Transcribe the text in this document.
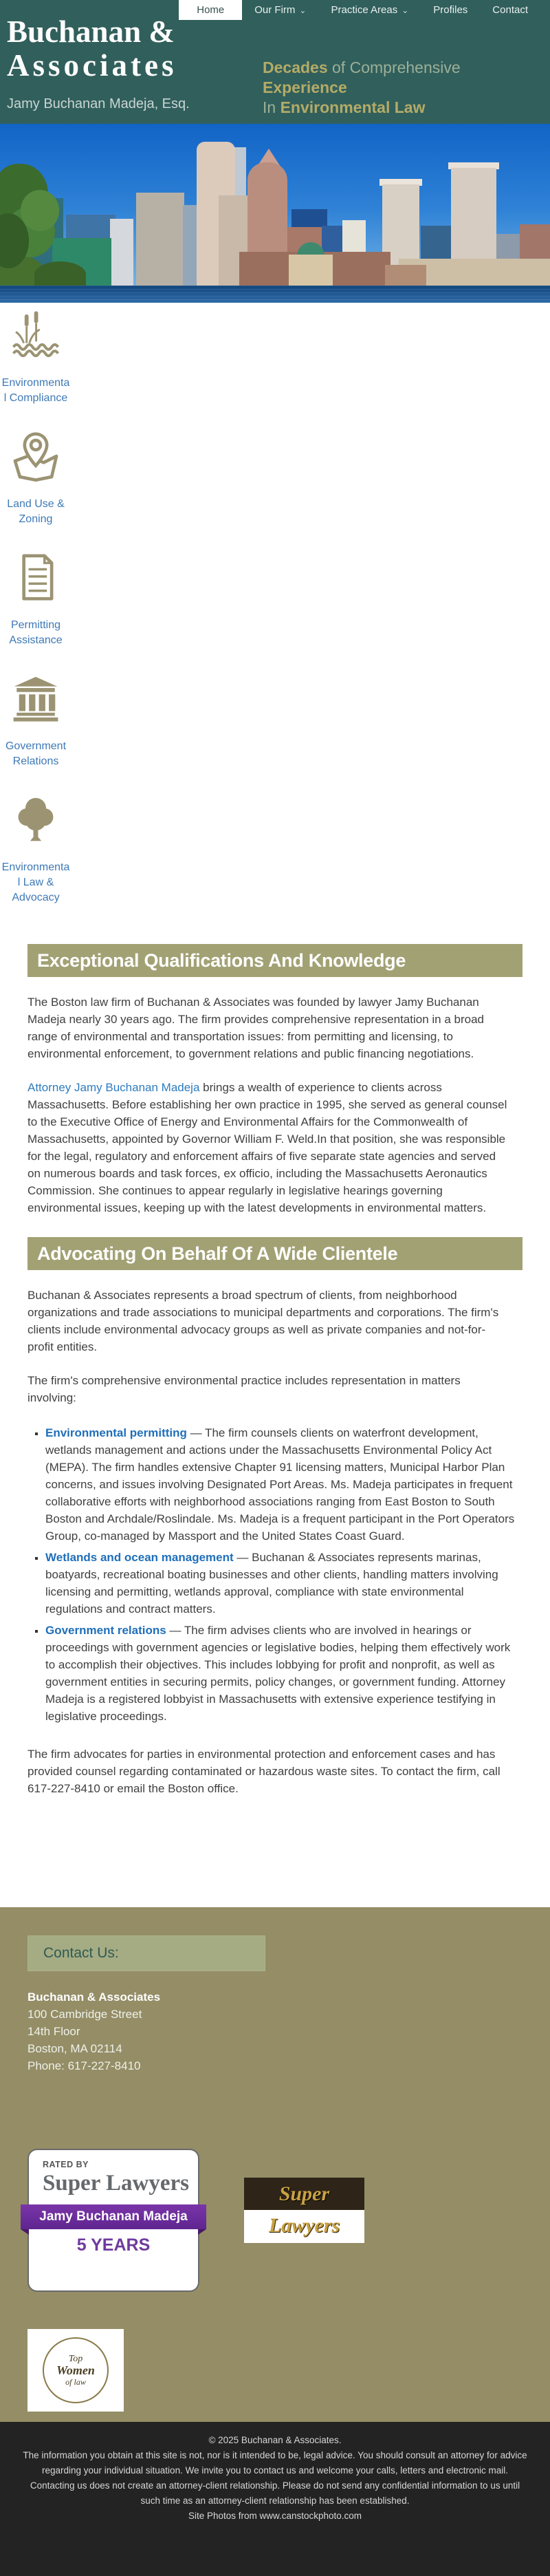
Home	Our Firm ⌄	Practice Areas ⌄	Profiles	Contact
Buchanan &
Associates
Jamy Buchanan Madeja, Esq.
Decades of Comprehensive
Experience
In Environmental Law
Environmental Compliance
Land Use & Zoning
Permitting Assistance
Government Relations
Environmental Law & Advocacy
Exceptional Qualifications And Knowledge

The Boston law firm of Buchanan & Associates was founded by lawyer Jamy Buchanan Madeja nearly 30 years ago. The firm provides comprehensive representation in a broad range of environmental and transportation issues: from permitting and licensing, to environmental enforcement, to government relations and public financing negotiations.

Attorney Jamy Buchanan Madeja brings a wealth of experience to clients across Massachusetts. Before establishing her own practice in 1995, she served as general counsel to the Executive Office of Energy and Environmental Affairs for the Commonwealth of Massachusetts, appointed by Governor William F. Weld.In that position, she was responsible for the legal, regulatory and enforcement affairs of five separate state agencies and served on numerous boards and task forces, ex officio, including the Massachusetts Aeronautics Commission. She continues to appear regularly in legislative hearings governing environmental issues, keeping up with the latest developments in environmental matters.

Advocating On Behalf Of A Wide Clientele

Buchanan & Associates represents a broad spectrum of clients, from neighborhood organizations and trade associations to municipal departments and corporations. The firm's clients include environmental advocacy groups as well as private companies and not-for-profit entities.

The firm's comprehensive environmental practice includes representation in matters involving:

▪ Environmental permitting — The firm counsels clients on waterfront development, wetlands management and actions under the Massachusetts Environmental Policy Act (MEPA). The firm handles extensive Chapter 91 licensing matters, Municipal Harbor Plan concerns, and issues involving Designated Port Areas. Ms. Madeja participates in frequent collaborative efforts with neighborhood associations ranging from East Boston to South Boston and Archdale/Roslindale. Ms. Madeja is a frequent participant in the Port Operators Group, co-managed by Massport and the United States Coast Guard.
▪ Wetlands and ocean management — Buchanan & Associates represents marinas, boatyards, recreational boating businesses and other clients, handling matters involving licensing and permitting, wetlands approval, compliance with state environmental regulations and contract matters.
▪ Government relations — The firm advises clients who are involved in hearings or proceedings with government agencies or legislative bodies, helping them effectively work to accomplish their objectives. This includes lobbying for profit and nonprofit, as well as government entities in securing permits, policy changes, or government funding. Attorney Madeja is a registered lobbyist in Massachusetts with extensive experience testifying in legislative proceedings.

The firm advocates for parties in environmental protection and enforcement cases and has provided counsel regarding contaminated or hazardous waste sites. To contact the firm, call 617-227-8410 or email the Boston office.

Contact Us:
Buchanan & Associates
100 Cambridge Street
14th Floor
Boston, MA 02114
Phone: 617-227-8410
RATED BY
Super Lawyers
Jamy Buchanan Madeja
5 YEARS
Super
Lawyers
Top
Women
of law
© 2025 Buchanan & Associates.
The information you obtain at this site is not, nor is it intended to be, legal advice. You should consult an attorney for advice regarding your individual situation. We invite you to contact us and welcome your calls, letters and electronic mail. Contacting us does not create an attorney-client relationship. Please do not send any confidential information to us until such time as an attorney-client relationship has been established.
Site Photos from www.canstockphoto.com
